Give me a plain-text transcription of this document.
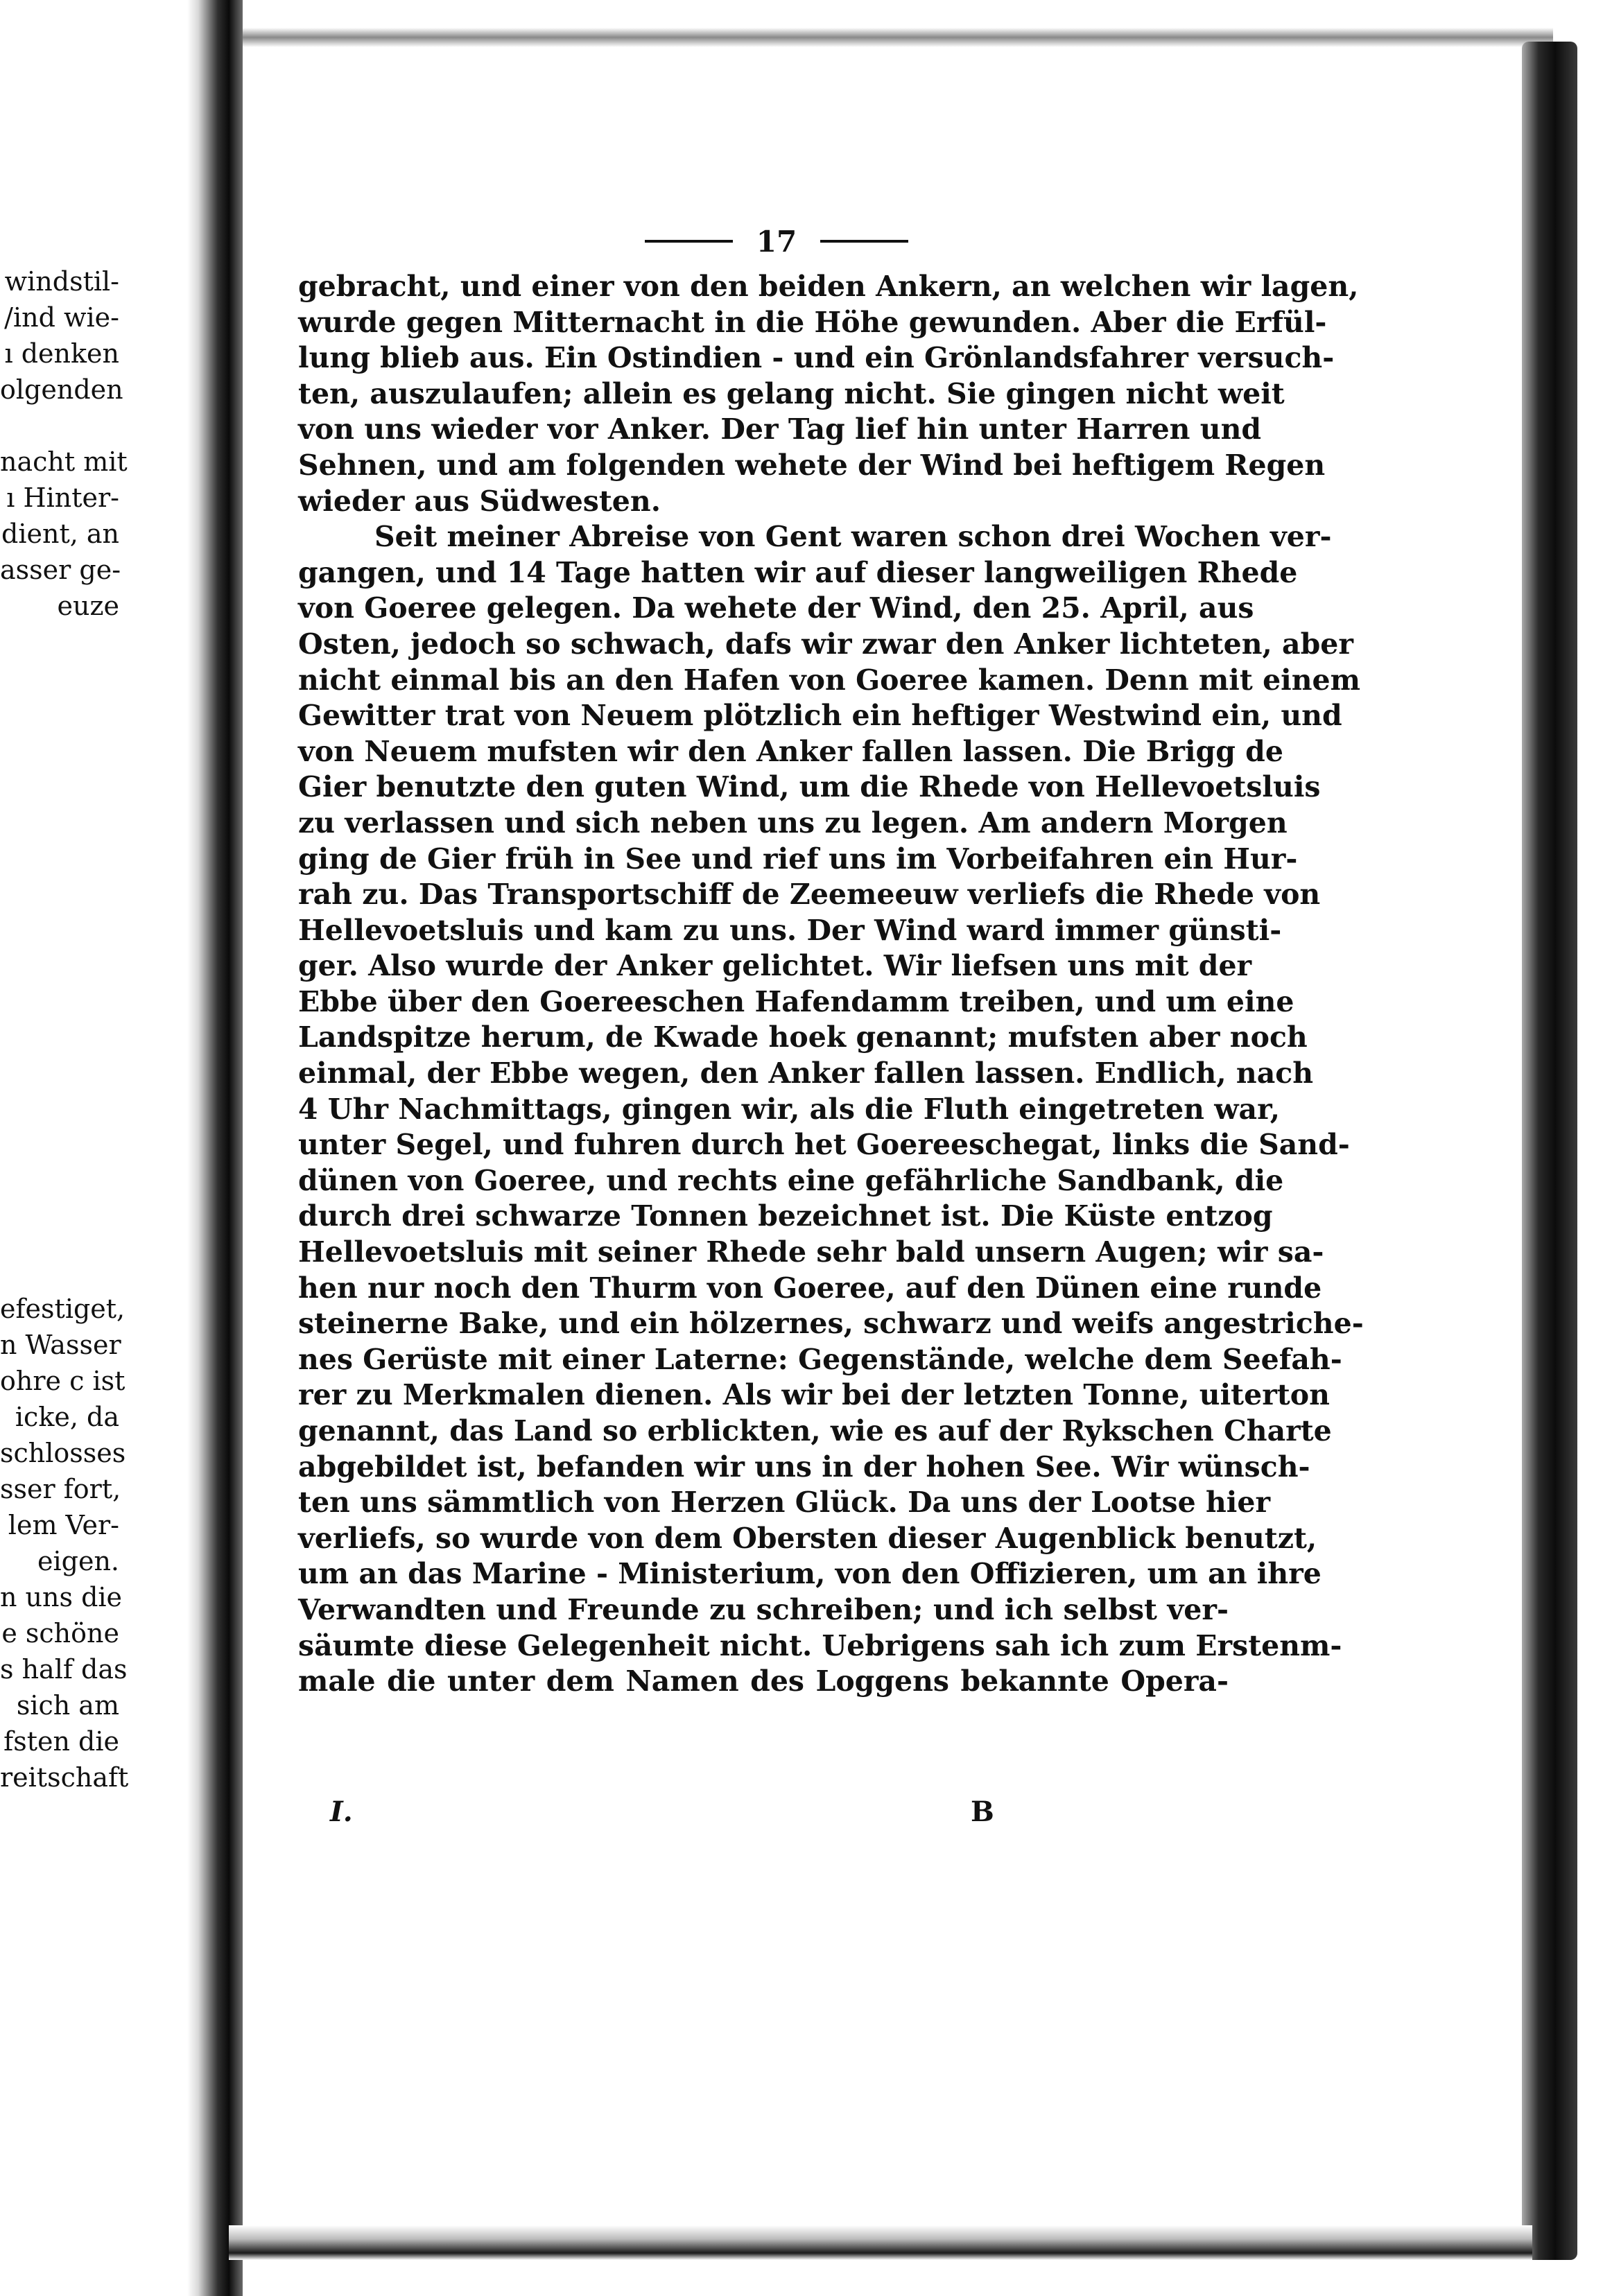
windstil-
/ind wie-
ı denken
olgenden
nacht mit
ı Hinter-
dient, an
asser ge-
euze
efestiget,
n Wasser
ohre c ist
icke, da
schlosses
sser fort,
lem Ver-
eigen.
n uns die
e schöne
s half das
sich am
fsten die
reitschaft
17
gebracht, und einer von den beiden Ankern, an welchen wir lagen,
wurde gegen Mitternacht in die Höhe gewunden. Aber die Erfül-
lung blieb aus. Ein Ostindien - und ein Grönlandsfahrer versuch-
ten, auszulaufen; allein es gelang nicht. Sie gingen nicht weit
von uns wieder vor Anker. Der Tag lief hin unter Harren und
Sehnen, und am folgenden wehete der Wind bei heftigem Regen
wieder aus Südwesten.
Seit meiner Abreise von Gent waren schon drei Wochen ver-
gangen, und 14 Tage hatten wir auf dieser langweiligen Rhede
von Goeree gelegen. Da wehete der Wind, den 25. April, aus
Osten, jedoch so schwach, dafs wir zwar den Anker lichteten, aber
nicht einmal bis an den Hafen von Goeree kamen. Denn mit einem
Gewitter trat von Neuem plötzlich ein heftiger Westwind ein, und
von Neuem mufsten wir den Anker fallen lassen. Die Brigg de
Gier benutzte den guten Wind, um die Rhede von Hellevoetsluis
zu verlassen und sich neben uns zu legen. Am andern Morgen
ging de Gier früh in See und rief uns im Vorbeifahren ein Hur-
rah zu. Das Transportschiff de Zeemeeuw verliefs die Rhede von
Hellevoetsluis und kam zu uns. Der Wind ward immer günsti-
ger. Also wurde der Anker gelichtet. Wir liefsen uns mit der
Ebbe über den Goereeschen Hafendamm treiben, und um eine
Landspitze herum, de Kwade hoek genannt; mufsten aber noch
einmal, der Ebbe wegen, den Anker fallen lassen. Endlich, nach
4 Uhr Nachmittags, gingen wir, als die Fluth eingetreten war,
unter Segel, und fuhren durch het Goereeschegat, links die Sand-
dünen von Goeree, und rechts eine gefährliche Sandbank, die
durch drei schwarze Tonnen bezeichnet ist. Die Küste entzog
Hellevoetsluis mit seiner Rhede sehr bald unsern Augen; wir sa-
hen nur noch den Thurm von Goeree, auf den Dünen eine runde
steinerne Bake, und ein hölzernes, schwarz und weifs angestriche-
nes Gerüste mit einer Laterne: Gegenstände, welche dem Seefah-
rer zu Merkmalen dienen. Als wir bei der letzten Tonne, uiterton
genannt, das Land so erblickten, wie es auf der Rykschen Charte
abgebildet ist, befanden wir uns in der hohen See. Wir wünsch-
ten uns sämmtlich von Herzen Glück. Da uns der Lootse hier
verliefs, so wurde von dem Obersten dieser Augenblick benutzt,
um an das Marine - Ministerium, von den Offizieren, um an ihre
Verwandten und Freunde zu schreiben; und ich selbst ver-
säumte diese Gelegenheit nicht. Uebrigens sah ich zum Erstenm-
male die unter dem Namen des Loggens bekannte Opera-
I.	B
